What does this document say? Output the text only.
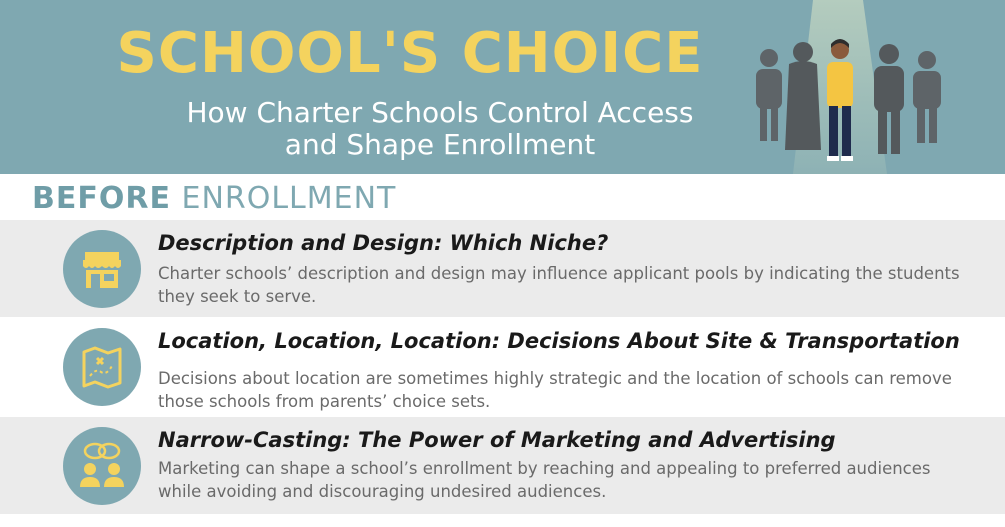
SCHOOL'S CHOICE
How Charter Schools Control Access
and Shape Enrollment
BEFORE ENROLLMENT
Description and Design: Which Niche?
Charter schools’ description and design may influence applicant pools by indicating the students they seek to serve.
Location, Location, Location: Decisions About Site & Transportation
Decisions about location are sometimes highly strategic and the location of schools can remove those schools from parents’ choice sets.
Narrow-Casting: The Power of Marketing and Advertising
Marketing can shape a school’s enrollment by reaching and appealing to preferred audiences while avoiding and discouraging undesired audiences.
